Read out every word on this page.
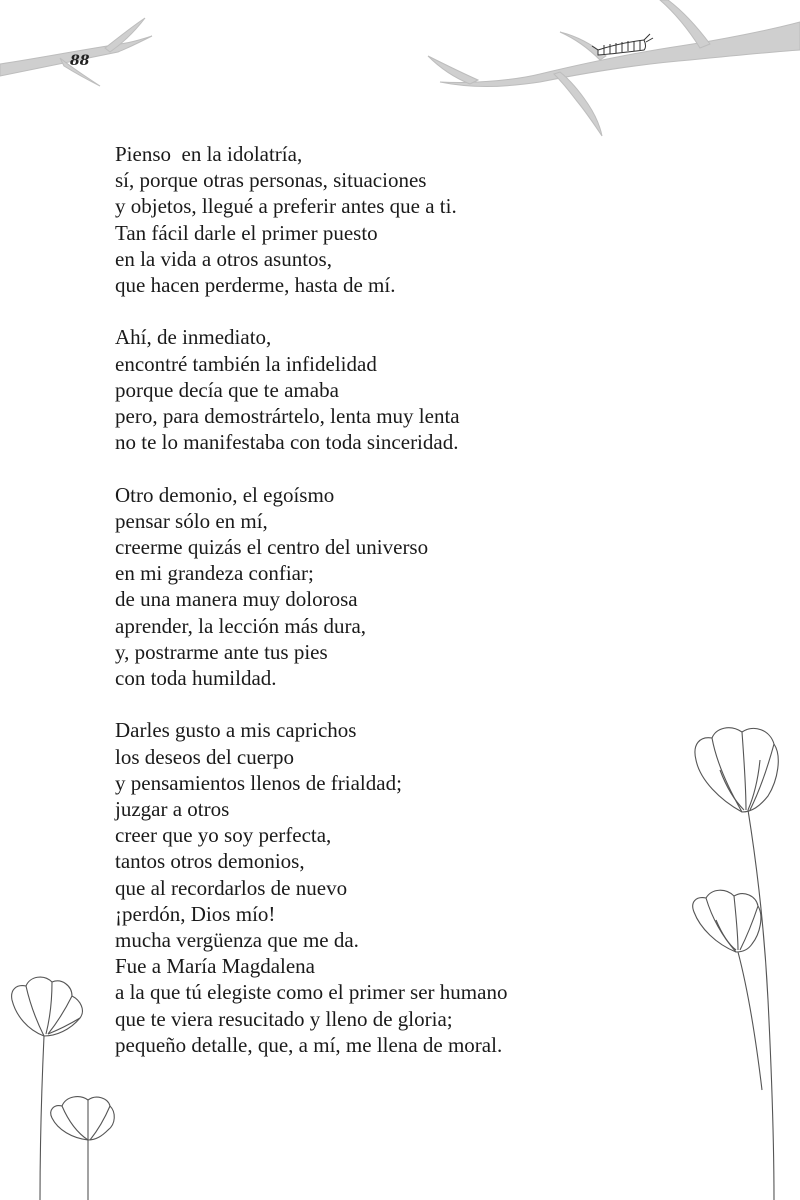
88

Pienso  en la idolatría,
sí, porque otras personas, situaciones
y objetos, llegué a preferir antes que a ti.
Tan fácil darle el primer puesto
en la vida a otros asuntos,
que hacen perderme, hasta de mí.
Ahí, de inmediato,
encontré también la infidelidad
porque decía que te amaba
pero, para demostrártelo, lenta muy lenta
no te lo manifestaba con toda sinceridad.
Otro demonio, el egoísmo
pensar sólo en mí,
creerme quizás el centro del universo
en mi grandeza confiar;
de una manera muy dolorosa
aprender, la lección más dura,
y, postrarme ante tus pies
con toda humildad.
Darles gusto a mis caprichos
los deseos del cuerpo
y pensamientos llenos de frialdad;
juzgar a otros
creer que yo soy perfecta,
tantos otros demonios,
que al recordarlos de nuevo
¡perdón, Dios mío!
mucha vergüenza que me da.
Fue a María Magdalena
a la que tú elegiste como el primer ser humano
que te viera resucitado y lleno de gloria;
pequeño detalle, que, a mí, me llena de moral.
